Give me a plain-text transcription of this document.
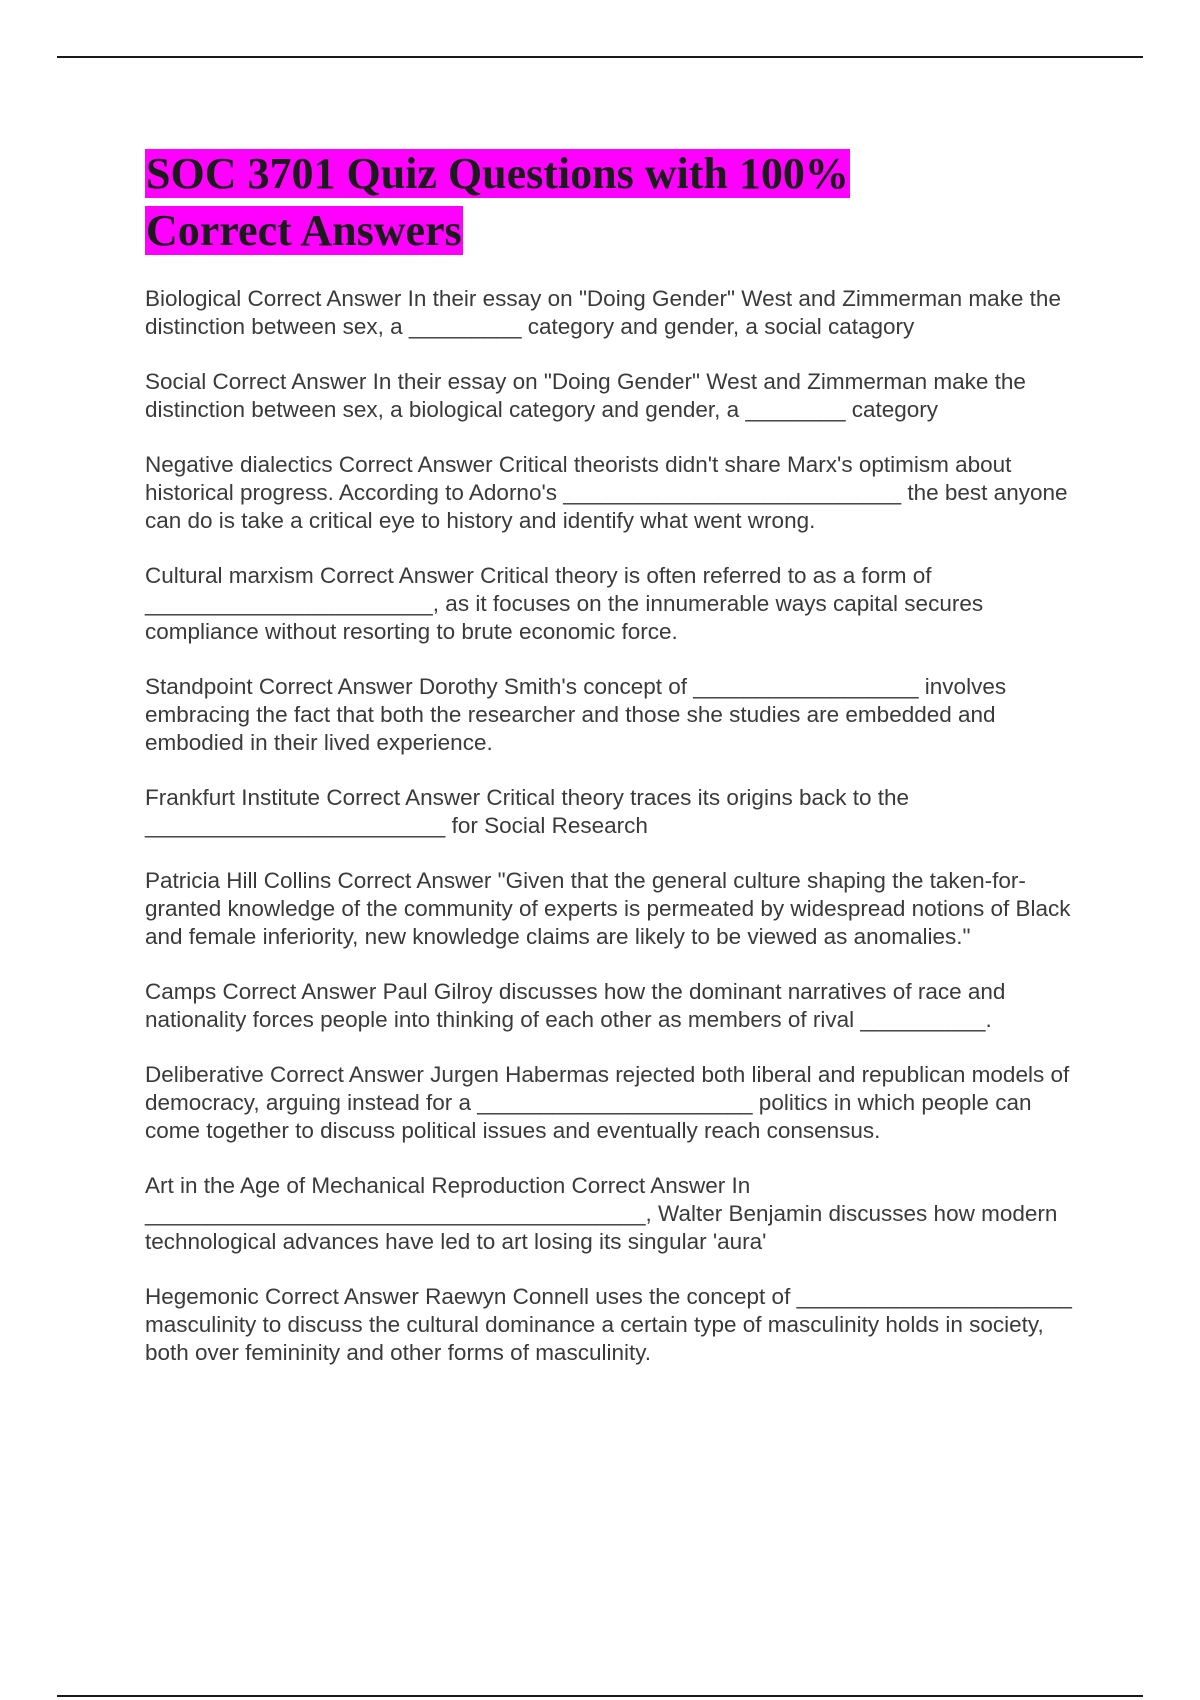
SOC 3701 Quiz Questions with 100%
Correct Answers

Biological Correct Answer In their essay on "Doing Gender" West and Zimmerman make the distinction between sex, a _________ category and gender, a social catagory

Social Correct Answer In their essay on "Doing Gender" West and Zimmerman make the distinction between sex, a biological category and gender, a ________ category

Negative dialectics Correct Answer Critical theorists didn't share Marx's optimism about historical progress. According to Adorno's ___________________________ the best anyone can do is take a critical eye to history and identify what went wrong.

Cultural marxism Correct Answer Critical theory is often referred to as a form of _______________________, as it focuses on the innumerable ways capital secures compliance without resorting to brute economic force.

Standpoint Correct Answer Dorothy Smith's concept of __________________ involves embracing the fact that both the researcher and those she studies are embedded and embodied in their lived experience.

Frankfurt Institute Correct Answer Critical theory traces its origins back to the ________________________ for Social Research

Patricia Hill Collins Correct Answer "Given that the general culture shaping the taken-for-granted knowledge of the community of experts is permeated by widespread notions of Black and female inferiority, new knowledge claims are likely to be viewed as anomalies."

Camps Correct Answer Paul Gilroy discusses how the dominant narratives of race and nationality forces people into thinking of each other as members of rival __________.

Deliberative Correct Answer Jurgen Habermas rejected both liberal and republican models of democracy, arguing instead for a ______________________ politics in which people can come together to discuss political issues and eventually reach consensus.

Art in the Age of Mechanical Reproduction Correct Answer In ________________________________________, Walter Benjamin discusses how modern technological advances have led to art losing its singular 'aura'

Hegemonic Correct Answer Raewyn Connell uses the concept of ______________________ masculinity to discuss the cultural dominance a certain type of masculinity holds in society, both over femininity and other forms of masculinity.
